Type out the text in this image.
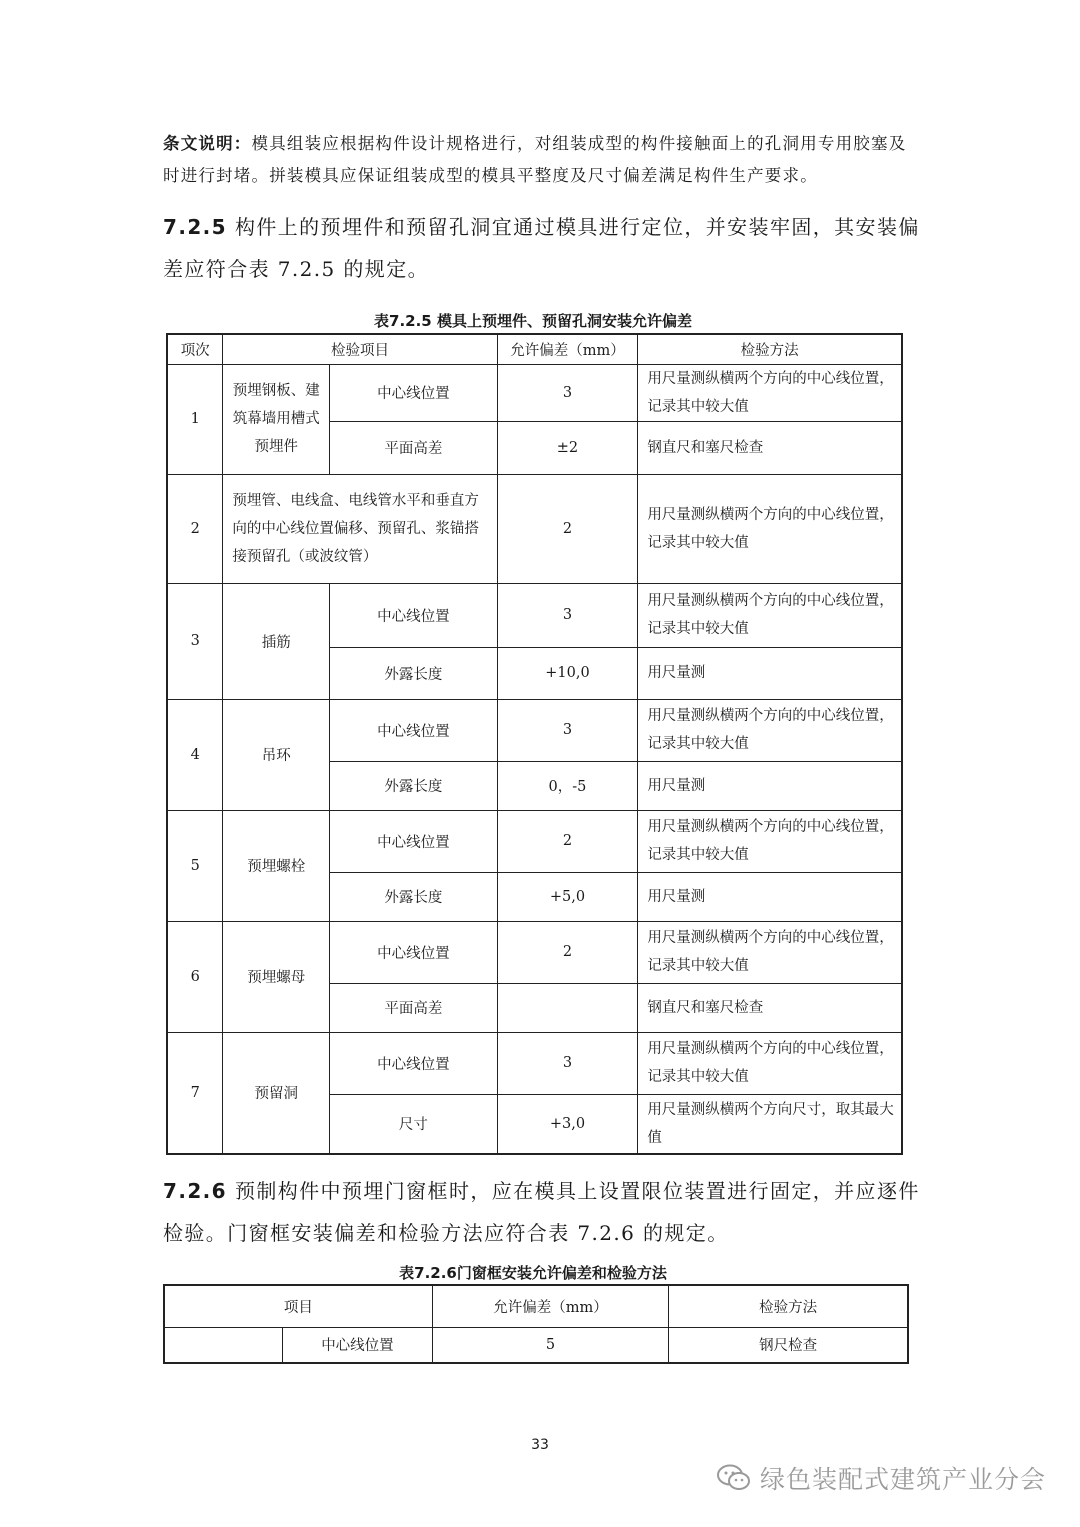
条文说明：模具组装应根据构件设计规格进行，对组装成型的构件接触面上的孔洞用专用胶塞及时进行封堵。拼装模具应保证组装成型的模具平整度及尺寸偏差满足构件生产要求。
7.2.5 构件上的预埋件和预留孔洞宜通过模具进行定位，并安装牢固，其安装偏差应符合表 7.2.5 的规定。
表7.2.5 模具上预埋件、预留孔洞安装允许偏差
项次	检验项目		允许偏差（mm）	检验方法
1	预埋钢板、建筑幕墙用槽式预埋件	中心线位置	3	用尺量测纵横两个方向的中心线位置，记录其中较大值
		平面高差	±2	钢直尺和塞尺检查
2	预埋管、电线盒、电线管水平和垂直方向的中心线位置偏移、预留孔、浆锚搭接预留孔（或波纹管）		2	用尺量测纵横两个方向的中心线位置，记录其中较大值
3	插筋	中心线位置	3	用尺量测纵横两个方向的中心线位置，记录其中较大值
		外露长度	+10,0	用尺量测
4	吊环	中心线位置	3	用尺量测纵横两个方向的中心线位置，记录其中较大值
		外露长度	0，-5	用尺量测
5	预埋螺栓	中心线位置	2	用尺量测纵横两个方向的中心线位置，记录其中较大值
		外露长度	+5,0	用尺量测
6	预埋螺母	中心线位置	2	用尺量测纵横两个方向的中心线位置，记录其中较大值
		平面高差		钢直尺和塞尺检查
7	预留洞	中心线位置	3	用尺量测纵横两个方向的中心线位置，记录其中较大值
		尺寸	+3,0	用尺量测纵横两个方向尺寸，取其最大值
7.2.6 预制构件中预埋门窗框时，应在模具上设置限位装置进行固定，并应逐件检验。门窗框安装偏差和检验方法应符合表 7.2.6 的规定。
表7.2.6门窗框安装允许偏差和检验方法
项目		允许偏差（mm）	检验方法
	中心线位置	5	钢尺检查
33
绿色装配式建筑产业分会
